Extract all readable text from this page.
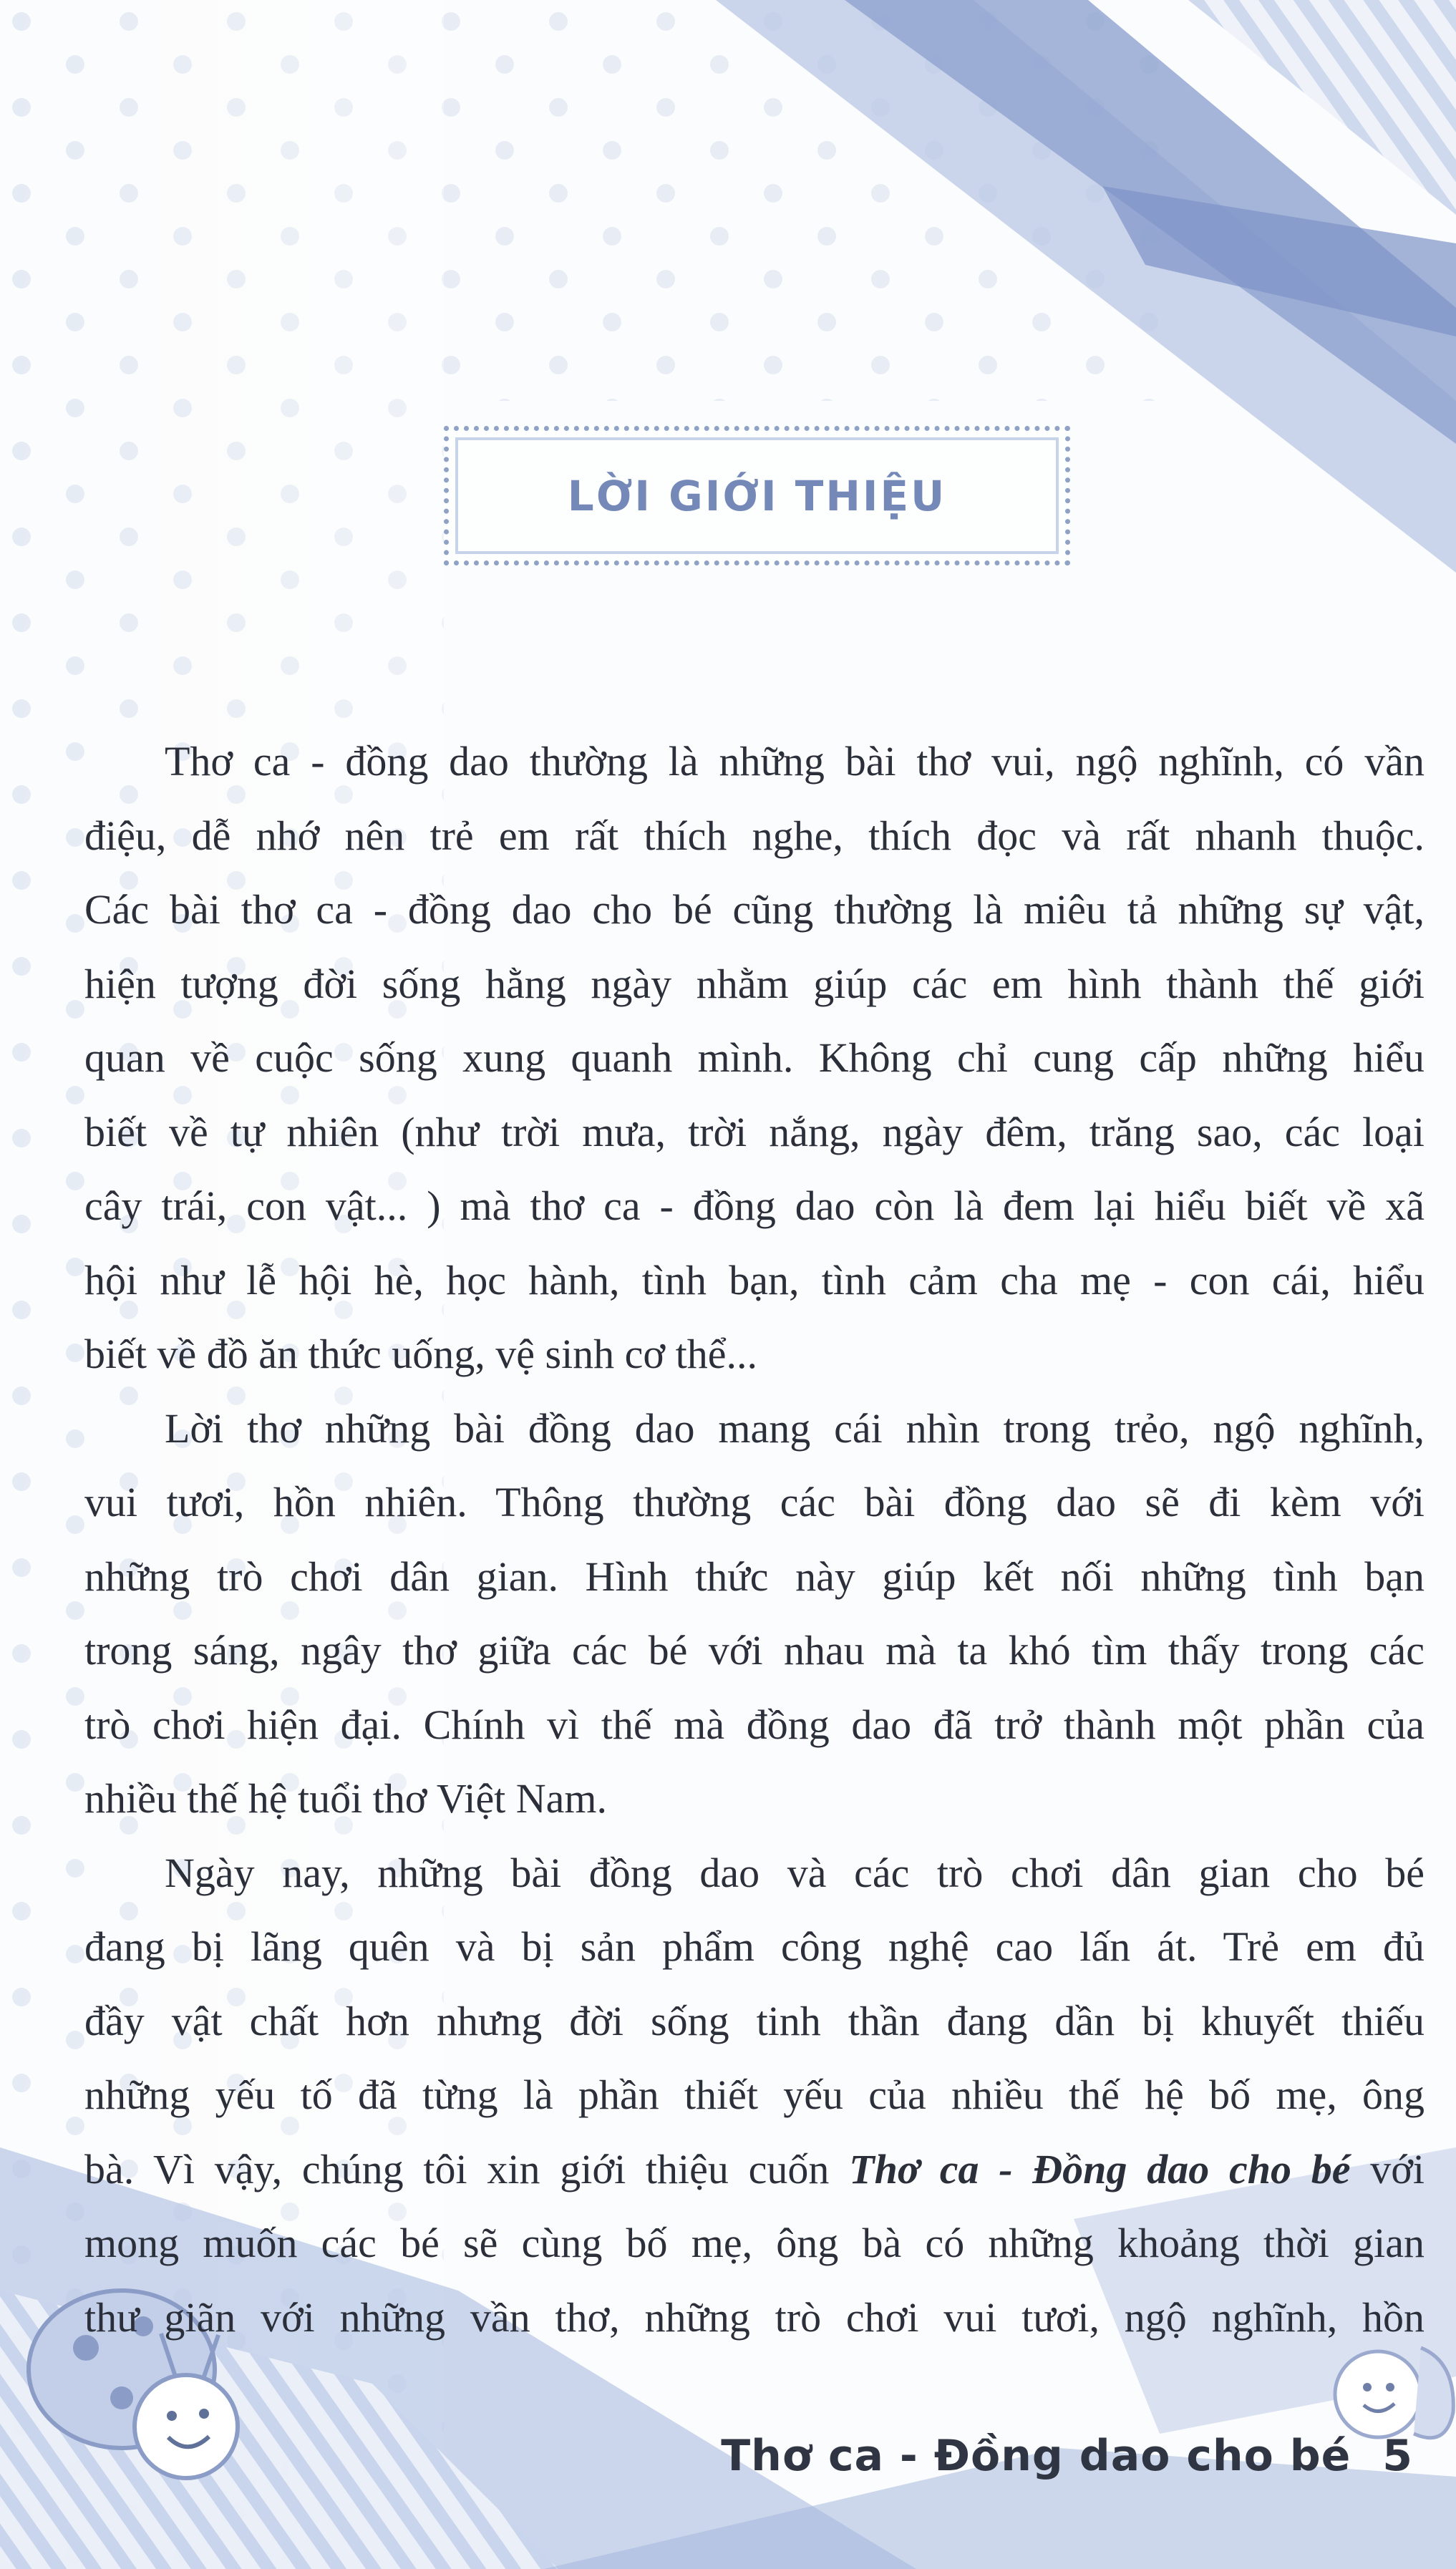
LỜI GIỚI THIỆU

Thơ ca - đồng dao thường là những bài thơ vui, ngộ nghĩnh, có vần
điệu, dễ nhớ nên trẻ em rất thích nghe, thích đọc và rất nhanh thuộc.
Các bài thơ ca - đồng dao cho bé cũng thường là miêu tả những sự vật,
hiện tượng đời sống hằng ngày nhằm giúp các em hình thành thế giới
quan về cuộc sống xung quanh mình. Không chỉ cung cấp những hiểu
biết về tự nhiên (như trời mưa, trời nắng, ngày đêm, trăng sao, các loại
cây trái, con vật... ) mà thơ ca - đồng dao còn là đem lại hiểu biết về xã
hội như lễ hội hè, học hành, tình bạn, tình cảm cha mẹ - con cái, hiểu
biết về đồ ăn thức uống, vệ sinh cơ thể...

Lời thơ những bài đồng dao mang cái nhìn trong trẻo, ngộ nghĩnh,
vui tươi, hồn nhiên. Thông thường các bài đồng dao sẽ đi kèm với
những trò chơi dân gian. Hình thức này giúp kết nối những tình bạn
trong sáng, ngây thơ giữa các bé với nhau mà ta khó tìm thấy trong các
trò chơi hiện đại. Chính vì thế mà đồng dao đã trở thành một phần của
nhiều thế hệ tuổi thơ Việt Nam.

Ngày nay, những bài đồng dao và các trò chơi dân gian cho bé
đang bị lãng quên và bị sản phẩm công nghệ cao lấn át. Trẻ em đủ
đầy vật chất hơn nhưng đời sống tinh thần đang dần bị khuyết thiếu
những yếu tố đã từng là phần thiết yếu của nhiều thế hệ bố mẹ, ông
bà. Vì vậy, chúng tôi xin giới thiệu cuốn Thơ ca - Đồng dao cho bé với
mong muốn các bé sẽ cùng bố mẹ, ông bà có những khoảng thời gian
thư giãn với những vần thơ, những trò chơi vui tươi, ngộ nghĩnh, hồn

Thơ ca - Đồng dao cho bé 5
